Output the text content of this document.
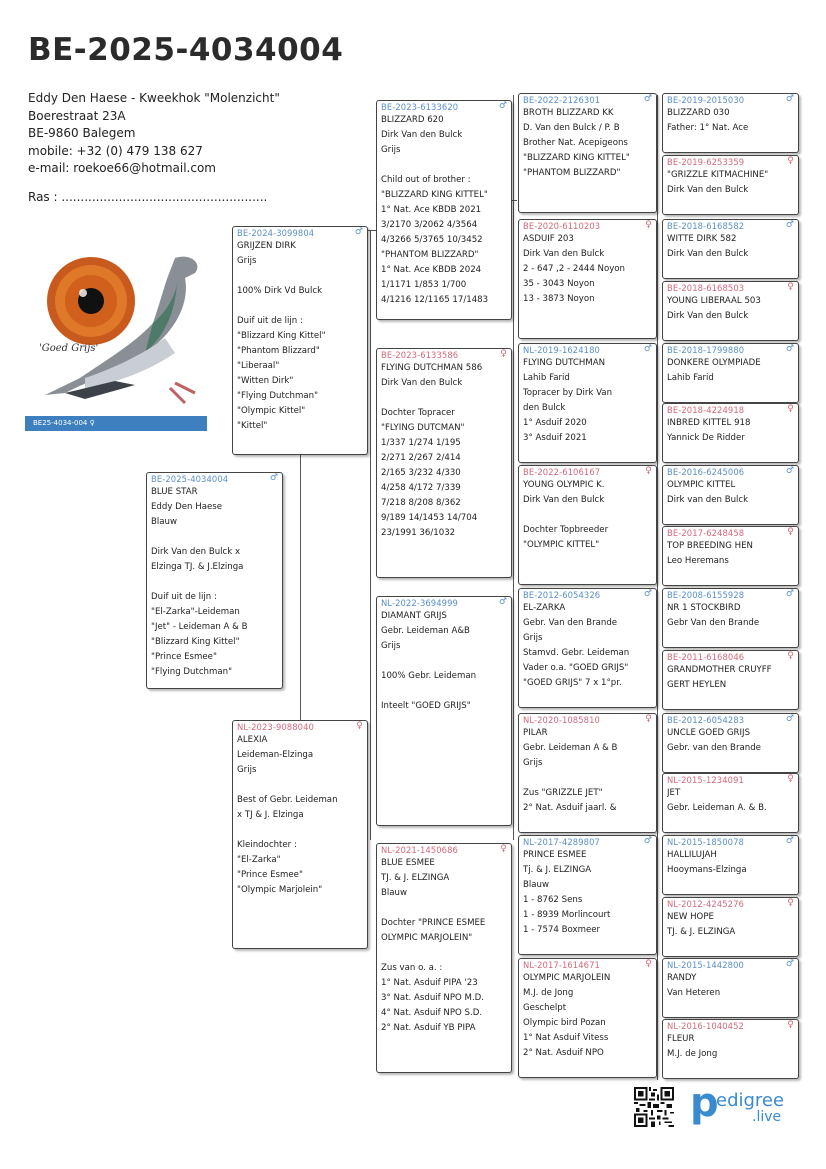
BE-2025-4034004
Eddy Den Haese - Kweekhok "Molenzicht"
Boerestraat 23A
BE-9860 Balegem
mobile: +32 (0) 479 138 627
e-mail: roekoe66@hotmail.com
Ras : ......................................................
'Goed Grijs'
BE25-4034-004 ♀
BE-2025-4034004	♂
BLUE STAR
Eddy Den Haese
Blauw
Dirk Van den Bulck x
Elzinga TJ. & J.Elzinga
Duif uit de lijn :
"El-Zarka"-Leideman
"Jet" - Leideman A & B
"Blizzard King Kittel"
"Prince Esmee"
"Flying Dutchman"
BE-2024-3099804	♂
GRIJZEN DIRK
Grijs
100% Dirk Vd Bulck
Duif uit de lijn :
"Blizzard King Kittel"
"Phantom Blizzard"
"Liberaal"
"Witten Dirk"
"Flying Dutchman"
"Olympic Kittel"
"Kittel"
NL-2023-9088040	♀
ALEXIA
Leideman-Elzinga
Grijs
Best of Gebr. Leideman
x TJ & J. Elzinga
Kleindochter :
"El-Zarka"
"Prince Esmee"
"Olympic Marjolein"
BE-2023-6133620	♂
BLIZZARD 620
Dirk Van den Bulck
Grijs
Child out of brother :
"BLIZZARD KING KITTEL"
1° Nat. Ace KBDB 2021
3/2170 3/2062 4/3564
4/3266 5/3765 10/3452
"PHANTOM BLIZZARD"
1° Nat. Ace KBDB 2024
1/1171 1/853 1/700
4/1216 12/1165 17/1483
BE-2023-6133586	♀
FLYING DUTCHMAN 586
Dirk Van den Bulck
Dochter Topracer
"FLYING DUTCMAN"
1/337 1/274 1/195
2/271 2/267 2/414
2/165 3/232 4/330
4/258 4/172 7/339
7/218 8/208 8/362
9/189 14/1453 14/704
23/1991 36/1032
NL-2022-3694999	♂
DIAMANT GRIJS
Gebr. Leideman A&B
Grijs
100% Gebr. Leideman
Inteelt "GOED GRIJS"
NL-2021-1450686	♀
BLUE ESMEE
TJ. & J. ELZINGA
Blauw
Dochter "PRINCE ESMEE
OLYMPIC MARJOLEIN"
Zus van o. a. :
1° Nat. Asduif PIPA '23
3° Nat. Asduif NPO M.D.
4° Nat. Asduif NPO S.D.
2° Nat. Asduif YB PIPA
BE-2022-2126301	♂
BROTH BLIZZARD KK
D. Van den Bulck / P. B
Brother Nat. Acepigeons
"BLIZZARD KING KITTEL"
"PHANTOM BLIZZARD"
BE-2020-6110203	♀
ASDUIF 203
Dirk Van den Bulck
2 - 647 ,2 - 2444 Noyon
35 - 3043 Noyon
13 - 3873 Noyon
NL-2019-1624180	♂
FLYING DUTCHMAN
Lahib Farid
Topracer by Dirk Van
den Bulck
1° Asduif 2020
3° Asduif 2021
BE-2022-6106167	♀
YOUNG OLYMPIC K.
Dirk Van den Bulck
Dochter Topbreeder
"OLYMPIC KITTEL"
BE-2012-6054326	♂
EL-ZARKA
Gebr. Van den Brande
Grijs
Stamvd. Gebr. Leideman
Vader o.a. "GOED GRIJS"
"GOED GRIJS" 7 x 1°pr.
NL-2020-1085810	♀
PILAR
Gebr. Leideman A & B
Grijs
Zus "GRIZZLE JET"
2° Nat. Asduif jaarl. &
NL-2017-4289807	♂
PRINCE ESMEE
Tj. & J. ELZINGA
Blauw
1 - 8762 Sens
1 - 8939 Morlincourt
1 - 7574 Boxmeer
NL-2017-1614671	♀
OLYMPIC MARJOLEIN
M.J. de Jong
Geschelpt
Olympic bird Pozan
1° Nat Asduif Vitess
2° Nat. Asduif NPO
BE-2019-2015030	♂
BLIZZARD 030
Father: 1° Nat. Ace
BE-2019-6253359	♀
"GRIZZLE KITMACHINE"
Dirk Van den Bulck
BE-2018-6168582	♂
WITTE DIRK 582
Dirk Van den Bulck
BE-2018-6168503	♀
YOUNG LIBERAAL 503
Dirk Van den Bulck
BE-2018-1799880	♂
DONKERE OLYMPIADE
Lahib Farid
BE-2018-4224918	♀
INBRED KITTEL 918
Yannick De Ridder
BE-2016-6245006	♂
OLYMPIC KITTEL
Dirk van den Bulck
BE-2017-6248458	♀
TOP BREEDING HEN
Leo Heremans
BE-2008-6155928	♂
NR 1 STOCKBIRD
Gebr Van den Brande
BE-2011-6168046	♀
GRANDMOTHER CRUYFF
GERT HEYLEN
BE-2012-6054283	♂
UNCLE GOED GRIJS
Gebr. van den Brande
NL-2015-1234091	♀
JET
Gebr. Leideman A. & B.
NL-2015-1850078	♂
HALLILUJAH
Hooymans-Elzinga
NL-2012-4245276	♀
NEW HOPE
TJ. & J. ELZINGA
NL-2015-1442800	♂
RANDY
Van Heteren
NL-2016-1040452	♀
FLEUR
M.J. de Jong
p
edigree
.live
